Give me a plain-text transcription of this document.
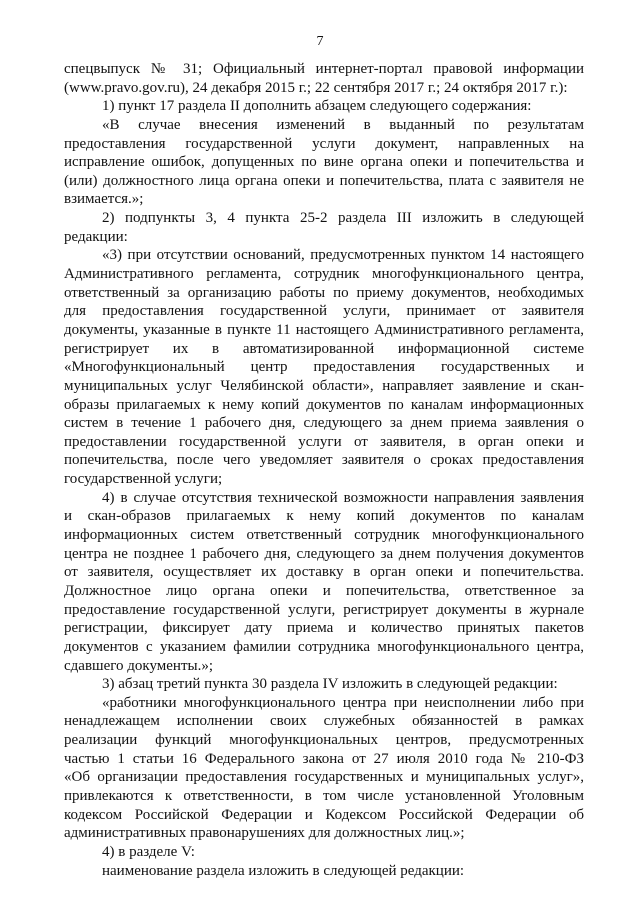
7
спецвыпуск № 31; Официальный интернет-портал правовой информации
(www.pravo.gov.ru), 24 декабря 2015 г.; 22 сентября 2017 г.; 24 октября 2017 г.):
1) пункт 17 раздела II дополнить абзацем следующего содержания:
«В случае внесения изменений в выданный по результатам
предоставления государственной услуги документ, направленных на
исправление ошибок, допущенных по вине органа опеки и попечительства и
(или) должностного лица органа опеки и попечительства, плата с заявителя не
взимается.»;
2) подпункты 3, 4 пункта 25-2 раздела III изложить в следующей
редакции:
«3) при отсутствии оснований, предусмотренных пунктом 14 настоящего
Административного регламента, сотрудник многофункционального центра,
ответственный за организацию работы по приему документов, необходимых
для предоставления государственной услуги, принимает от заявителя
документы, указанные в пункте 11 настоящего Административного регламента,
регистрирует их в автоматизированной информационной системе
«Многофункциональный центр предоставления государственных и
муниципальных услуг Челябинской области», направляет заявление и скан-
образы прилагаемых к нему копий документов по каналам информационных
систем в течение 1 рабочего дня, следующего за днем приема заявления о
предоставлении государственной услуги от заявителя, в орган опеки и
попечительства, после чего уведомляет заявителя о сроках предоставления
государственной услуги;
4) в случае отсутствия технической возможности направления заявления
и скан-образов прилагаемых к нему копий документов по каналам
информационных систем ответственный сотрудник многофункционального
центра не позднее 1 рабочего дня, следующего за днем получения документов
от заявителя, осуществляет их доставку в орган опеки и попечительства.
Должностное лицо органа опеки и попечительства, ответственное за
предоставление государственной услуги, регистрирует документы в журнале
регистрации, фиксирует дату приема и количество принятых пакетов
документов с указанием фамилии сотрудника многофункционального центра,
сдавшего документы.»;
3) абзац третий пункта 30 раздела IV изложить в следующей редакции:
«работники многофункционального центра при неисполнении либо при
ненадлежащем исполнении своих служебных обязанностей в рамках
реализации функций многофункциональных центров, предусмотренных
частью 1 статьи 16 Федерального закона от 27 июля 2010 года № 210-ФЗ
«Об организации предоставления государственных и муниципальных услуг»,
привлекаются к ответственности, в том числе установленной Уголовным
кодексом Российской Федерации и Кодексом Российской Федерации об
административных правонарушениях для должностных лиц.»;
4) в разделе V:
наименование раздела изложить в следующей редакции:
